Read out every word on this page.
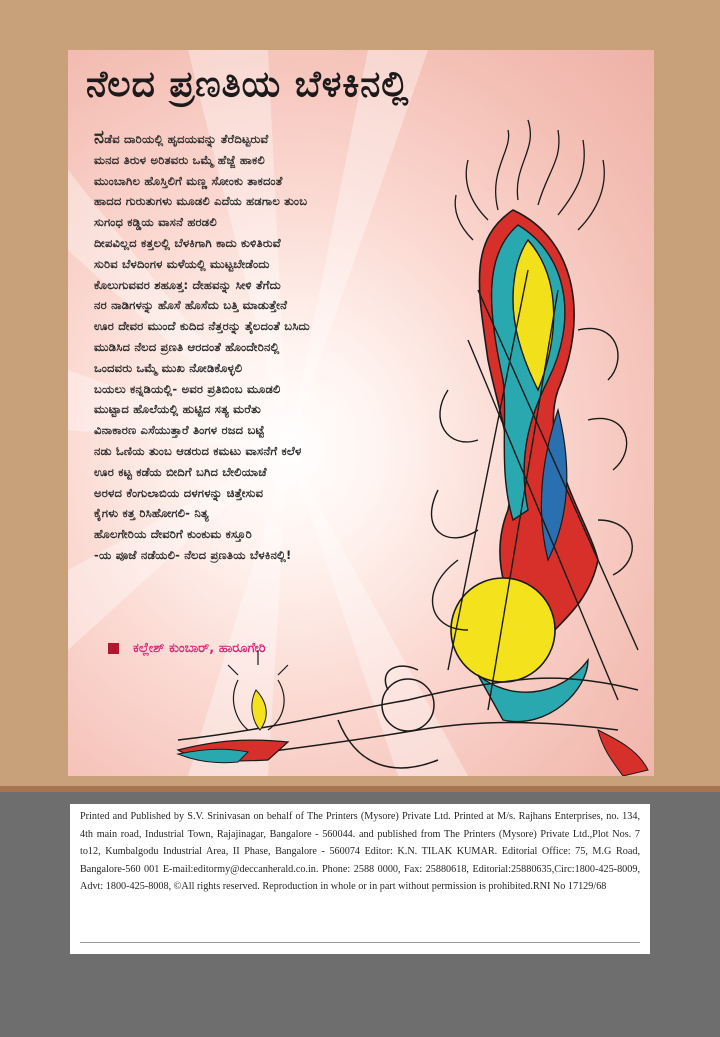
ನೆಲದ ಪ್ರಣತಿಯ ಬೆಳಕಿನಲ್ಲಿ
ನಡೆವ ದಾರಿಯಲ್ಲಿ ಹೃದಯವನ್ನು ತೆರೆದಿಟ್ಟರುವೆ
ಮನದ ತಿರುಳ ಅರಿತವರು ಒಮ್ಮೆ ಹೆಜ್ಜೆ ಹಾಕಲಿ
ಮುಂಬಾಗಿಲ ಹೊಸ್ತಿಲಿಗೆ ಮಣ್ಣ ಸೋಂಕು ತಾಕದಂತೆ
ಹಾದದ ಗುರುತುಗಳು ಮೂಡಲಿ ಎದೆಯ ಹಡಗಾಲ ತುಂಬ
ಸುಗಂಧ ಕಡ್ಡಿಯ ವಾಸನೆ ಹರಡಲಿ
ದೀಪವಿಲ್ಲದ ಕತ್ತಲಲ್ಲಿ ಬೆಳಕಿಗಾಗಿ ಕಾದು ಕುಳಿತಿರುವೆ
ಸುರಿವ ಬೆಳದಿಂಗಳ ಮಳೆಯಲ್ಲಿ ಮುಟ್ಟಬೇಡೆಂದು
ಕೊಲುಗುವವರ ಶಹೂತ್ತ: ದೇಹವನ್ನು ಸೀಳಿ ತೆಗೆದು
ನರ ನಾಡಿಗಳನ್ನು ಹೊಸೆ ಹೊಸೆದು ಬತ್ತಿ ಮಾಡುತ್ತೇನೆ
ಊರ ದೇವರ ಮುಂದೆ ಕುದಿದ ನೆತ್ತರನ್ನು ತೈಲದಂತೆ ಬಸಿದು
ಮುಡಿಸಿದ ನೆಲದ ಪ್ರಣತಿ ಆರದಂತೆ ಹೊಂದೇರಿನಲ್ಲಿ
ಒಂದವರು ಒಮ್ಮೆ ಮುಖ ನೋಡಿಕೊಳ್ಳಲಿ
ಬಯಲು ಕನ್ನಡಿಯಲ್ಲಿ- ಅವರ ಪ್ರತಿಬಿಂಬ ಮೂಡಲಿ
ಮುಟ್ಟಾದ ಹೊಲೆಯಲ್ಲಿ ಹುಟ್ಟಿದ ಸತ್ಯ ಮರೆತು
ವಿನಾಕಾರಣ ಎಸೆಯುತ್ತಾರೆ ತಿಂಗಳ ರಜದ ಬಟ್ಟೆ
ನಡು ಓಣಿಯ ತುಂಬ ಆಡರುದ ಕಮಟು ವಾಸನೆಗೆ ಕಲೆಳ
ಊರ ಕಟ್ಟ ಕಡೆಯ ಬೀದಿಗೆ ಬಗಿದ ಬೇಲಿಯಾಚೆ
ಅರಳದ ಕೆಂಗುಲಾಬಿಯ ದಳಗಳನ್ನು ಚಿತ್ತೇಸುವ
ಕೈಗಳು ಕತ್ತ ರಿಸಿಹೋಗಲಿ- ನಿತ್ಯ
ಹೊಲಗೇರಿಯ ದೇವರಿಗೆ ಕುಂಕುಮ ಕಸ್ತೂರಿ
-ಯ ಪೂಜೆ ನಡೆಯಲಿ- ನೆಲದ ಪ್ರಣತಿಯ ಬೆಳಕಿನಲ್ಲಿ!
ಕಲ್ಲೇಶ್ ಕುಂಬಾರ್, ಹಾರೂಗೇರಿ
Printed and Published by S.V. Srinivasan on behalf of The Printers (Mysore) Private Ltd. Printed at M/s. Rajhans Enterprises, no. 134, 4th main road, Industrial Town, Rajajinagar, Bangalore - 560044. and published from The Printers (Mysore) Private Ltd.,Plot Nos. 7 to12, Kumbalgodu Industrial Area, II Phase, Bangalore - 560074 Editor: K.N. TILAK KUMAR. Editorial Office: 75, M.G Road, Bangalore-560 001 E-mail:editormy@deccanherald.co.in. Phone: 2588 0000, Fax: 25880618, Editorial:25880635,Circ:1800-425-8009, Advt: 1800-425-8008, ©All rights reserved. Reproduction in whole or in part without permission is prohibited.RNI No 17129/68
